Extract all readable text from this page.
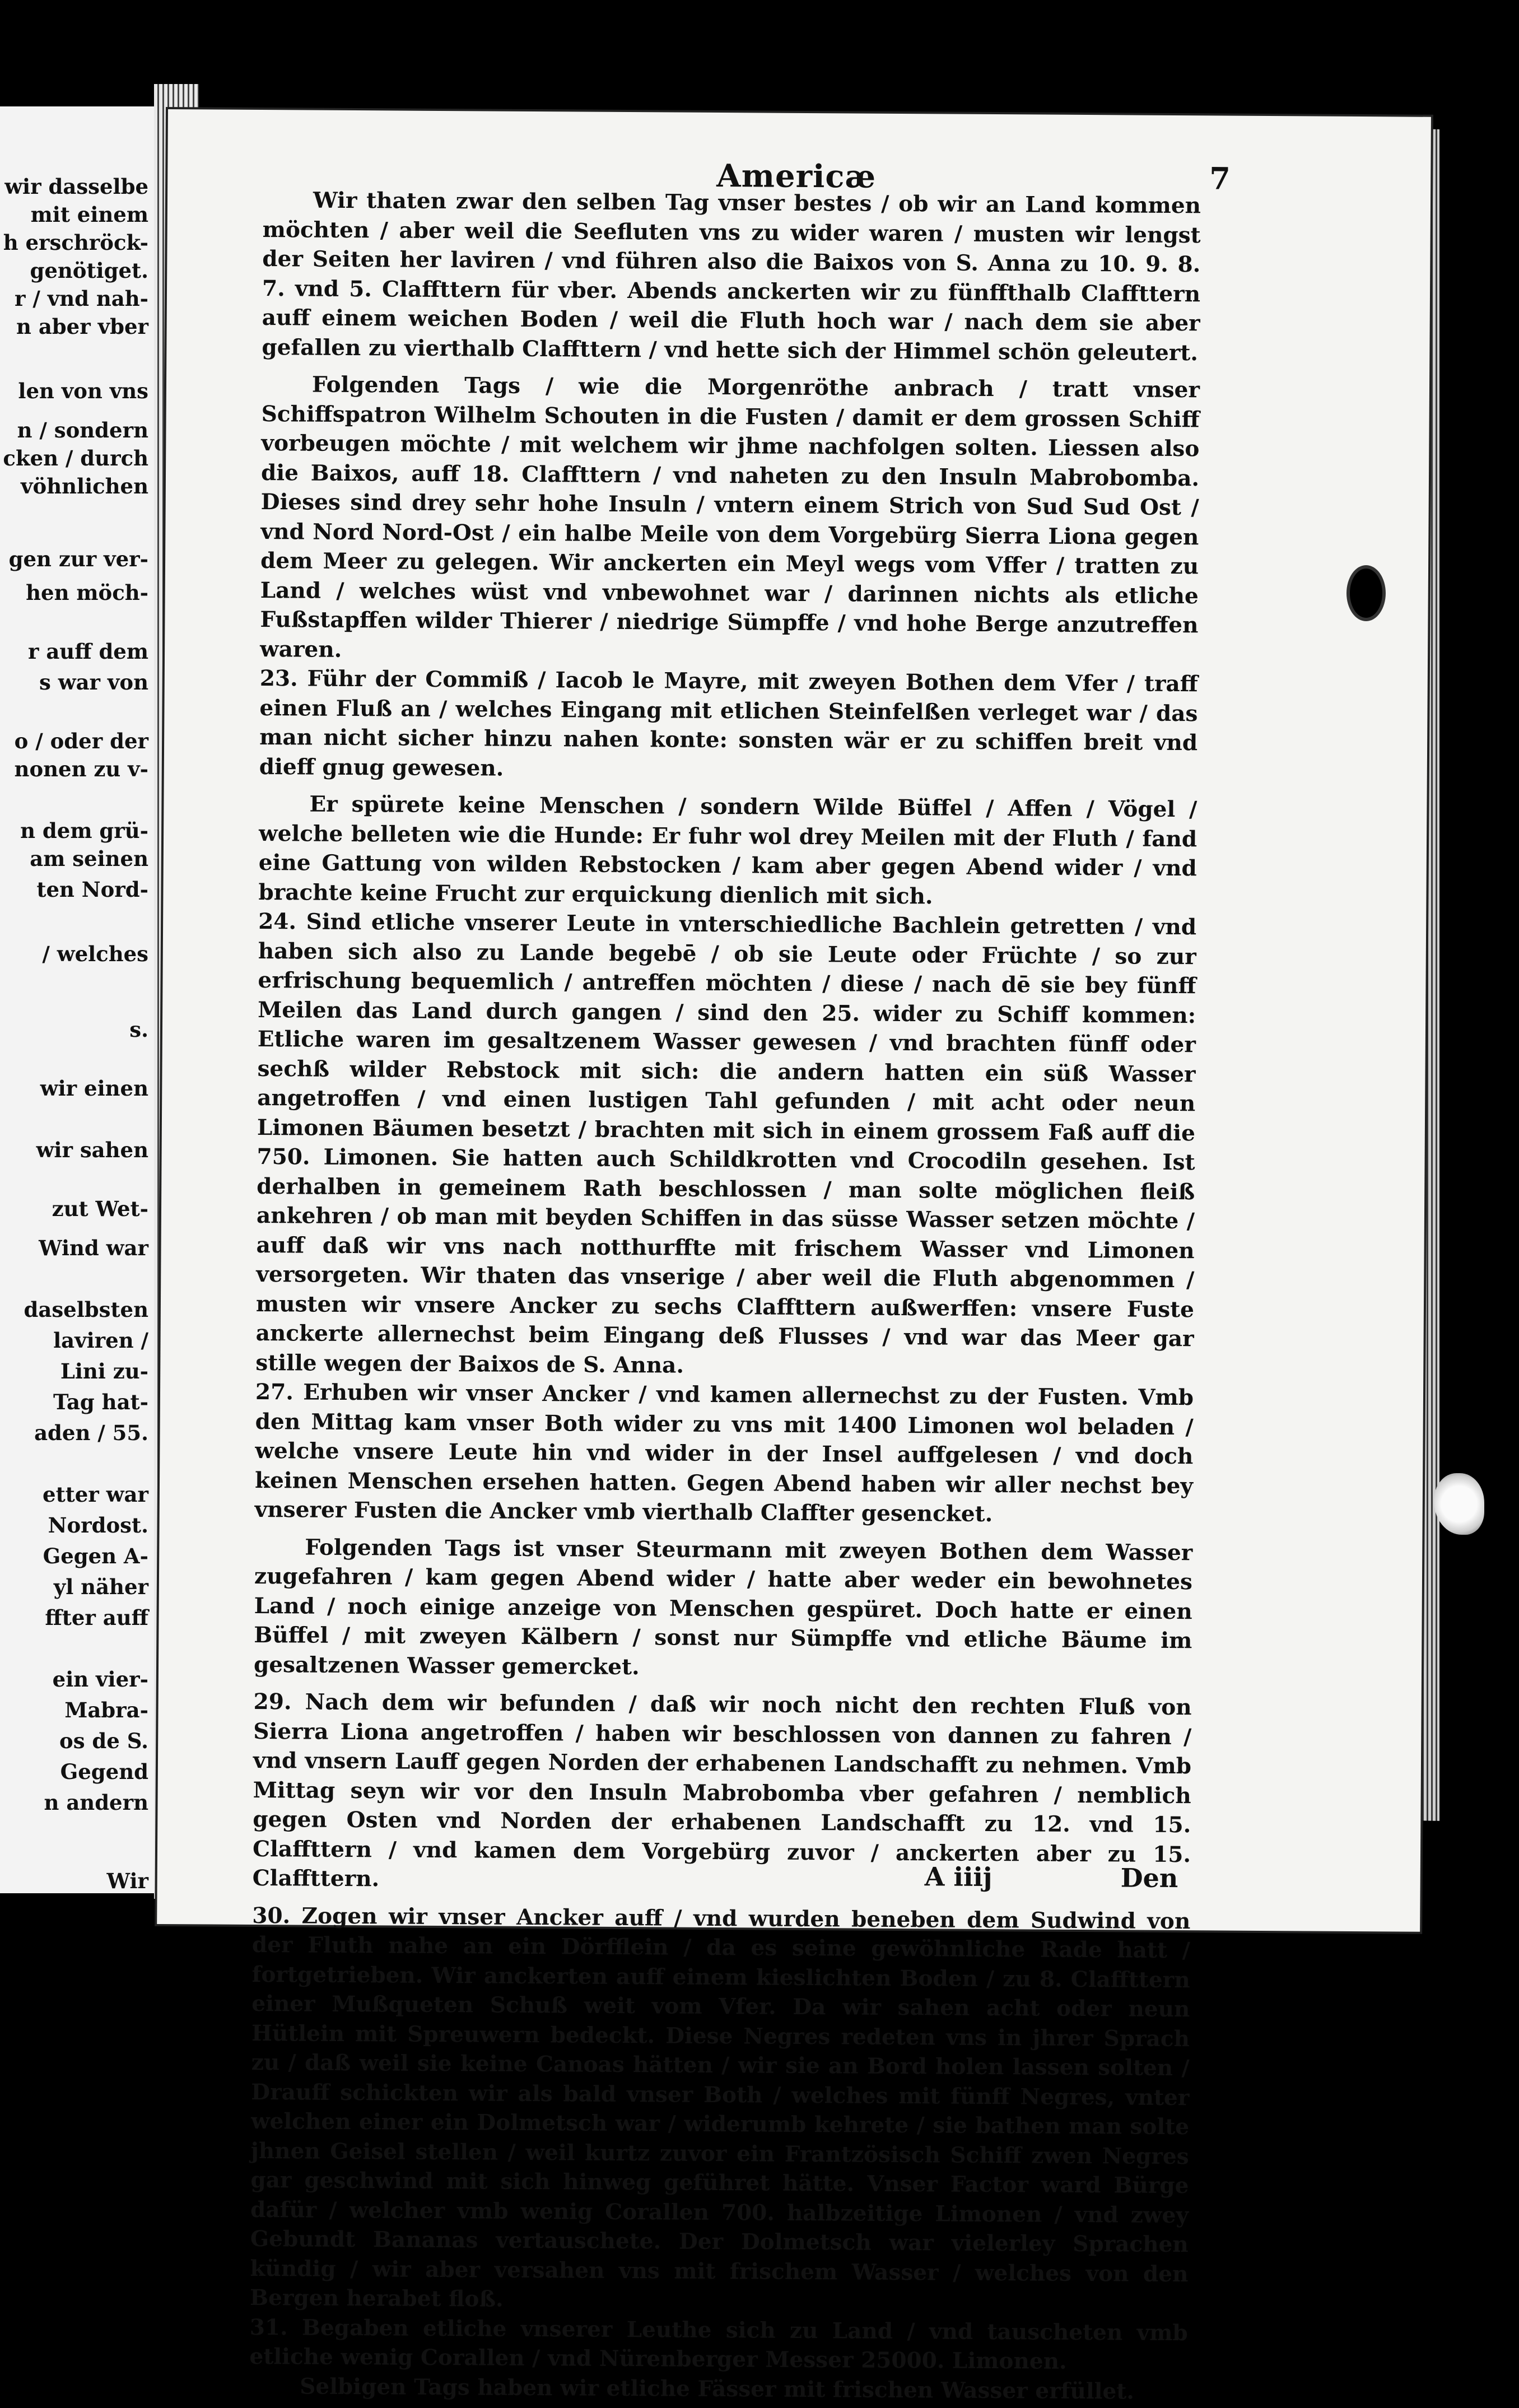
wir dasselbe
mit einem
h erschröck-
genötiget.
r / vnd nah-
n aber vber
len von vns
n / sondern
cken / durch
vöhnlichen
gen zur ver-
hen möch-
r auff dem
s war von
o / oder der
nonen zu v-
n dem grü-
am seinen
ten Nord-
/ welches
s.
wir einen
wir sahen
zut Wet-
Wind war
daselbsten
laviren /
Lini zu-
Tag hat-
aden / 55.
etter war
Nordost.
Gegen A-
yl näher
ffter auff
ein vier-
Mabra-
os de S.
Gegend
n andern
Wir
Americæ	7

Wir thaten zwar den selben Tag vnser bestes / ob wir an Land kommen möchten / aber weil die Seefluten vns zu wider waren / musten wir lengst der Seiten her laviren / vnd führen also die Baixos von S. Anna zu 10. 9. 8. 7. vnd 5. Claffttern für vber. Abends anckerten wir zu fünffthalb Claffttern auff einem weichen Boden / weil die Fluth hoch war / nach dem sie aber gefallen zu vierthalb Claffttern / vnd hette sich der Himmel schön geleutert.

Folgenden Tags / wie die Morgenröthe anbrach / tratt vnser Schiffspatron Wilhelm Schouten in die Fusten / damit er dem grossen Schiff vorbeugen möchte / mit welchem wir jhme nachfolgen solten. Liessen also die Baixos, auff 18. Claffttern / vnd naheten zu den Insuln Mabrobomba. Dieses sind drey sehr hohe Insuln / vntern einem Strich von Sud Sud Ost / vnd Nord Nord-Ost / ein halbe Meile von dem Vorgebürg Sierra Liona gegen dem Meer zu gelegen. Wir anckerten ein Meyl wegs vom Vffer / tratten zu Land / welches wüst vnd vnbewohnet war / darinnen nichts als etliche Fußstapffen wilder Thierer / niedrige Sümpffe / vnd hohe Berge anzutreffen waren.

23. Führ der Commiß / Iacob le Mayre, mit zweyen Bothen dem Vfer / traff einen Fluß an / welches Eingang mit etlichen Steinfelßen verleget war / das man nicht sicher hinzu nahen konte: sonsten wär er zu schiffen breit vnd dieff gnug gewesen.

Er spürete keine Menschen / sondern Wilde Büffel / Affen / Vögel / welche belleten wie die Hunde: Er fuhr wol drey Meilen mit der Fluth / fand eine Gattung von wilden Rebstocken / kam aber gegen Abend wider / vnd brachte keine Frucht zur erquickung dienlich mit sich.

24. Sind etliche vnserer Leute in vnterschiedliche Bachlein getretten / vnd haben sich also zu Lande begebē / ob sie Leute oder Früchte / so zur erfrischung bequemlich / antreffen möchten / diese / nach dē sie bey fünff Meilen das Land durch gangen / sind den 25. wider zu Schiff kommen: Etliche waren im gesaltzenem Wasser gewesen / vnd brachten fünff oder sechß wilder Rebstock mit sich: die andern hatten ein süß Wasser angetroffen / vnd einen lustigen Tahl gefunden / mit acht oder neun Limonen Bäumen besetzt / brachten mit sich in einem grossem Faß auff die 750. Limonen. Sie hatten auch Schildkrotten vnd Crocodiln gesehen. Ist derhalben in gemeinem Rath beschlossen / man solte möglichen fleiß ankehren / ob man mit beyden Schiffen in das süsse Wasser setzen möchte / auff daß wir vns nach notthurffte mit frischem Wasser vnd Limonen versorgeten. Wir thaten das vnserige / aber weil die Fluth abgenommen / musten wir vnsere Ancker zu sechs Claffttern außwerffen: vnsere Fuste anckerte allernechst beim Eingang deß Flusses / vnd war das Meer gar stille wegen der Baixos de S. Anna.

27. Erhuben wir vnser Ancker / vnd kamen allernechst zu der Fusten. Vmb den Mittag kam vnser Both wider zu vns mit 1400 Limonen wol beladen / welche vnsere Leute hin vnd wider in der Insel auffgelesen / vnd doch keinen Menschen ersehen hatten. Gegen Abend haben wir aller nechst bey vnserer Fusten die Ancker vmb vierthalb Claffter gesencket.

Folgenden Tags ist vnser Steurmann mit zweyen Bothen dem Wasser zugefahren / kam gegen Abend wider / hatte aber weder ein bewohnetes Land / noch einige anzeige von Menschen gespüret. Doch hatte er einen Büffel / mit zweyen Kälbern / sonst nur Sümpffe vnd etliche Bäume im gesaltzenen Wasser gemercket.

29. Nach dem wir befunden / daß wir noch nicht den rechten Fluß von Sierra Liona angetroffen / haben wir beschlossen von dannen zu fahren / vnd vnsern Lauff gegen Norden der erhabenen Landschafft zu nehmen. Vmb Mittag seyn wir vor den Insuln Mabrobomba vber gefahren / nemblich gegen Osten vnd Norden der erhabenen Landschafft zu 12. vnd 15. Claffttern / vnd kamen dem Vorgebürg zuvor / anckerten aber zu 15. Claffttern.

30. Zogen wir vnser Ancker auff / vnd wurden beneben dem Sudwind von der Fluth nahe an ein Dörfflein / da es seine gewöhnliche Rade hatt / fortgetrieben. Wir anckerten auff einem kieslichten Boden / zu 8. Claffttern einer Mußqueten Schuß weit vom Vfer. Da wir sahen acht oder neun Hütlein mit Spreuwern bedeckt. Diese Negres redeten vns in jhrer Sprach zu / daß weil sie keine Canoas hätten / wir sie an Bord holen lassen solten / Drauff schickten wir als bald vnser Both / welches mit fünff Negres, vnter welchen einer ein Dolmetsch war / widerumb kehrete / sie bathen man solte jhnen Geisel stellen / weil kurtz zuvor ein Frantzösisch Schiff zwen Negres gar geschwind mit sich hinweg geführet hätte. Vnser Factor ward Bürge dafür / welcher vmb wenig Corallen 700. halbzeitige Limonen / vnd zwey Gebundt Bananas vertauschete. Der Dolmetsch war vielerley Sprachen kündig / wir aber versahen vns mit frischem Wasser / welches von den Bergen herabet floß.

31. Begaben etliche vnserer Leuthe sich zu Land / vnd tauscheten vmb etliche wenig Corallen / vnd Nürenberger Messer 25000. Limonen.

Selbigen Tags haben wir etliche Fässer mit frischen Wasser erfüllet.

A iiij	Den
